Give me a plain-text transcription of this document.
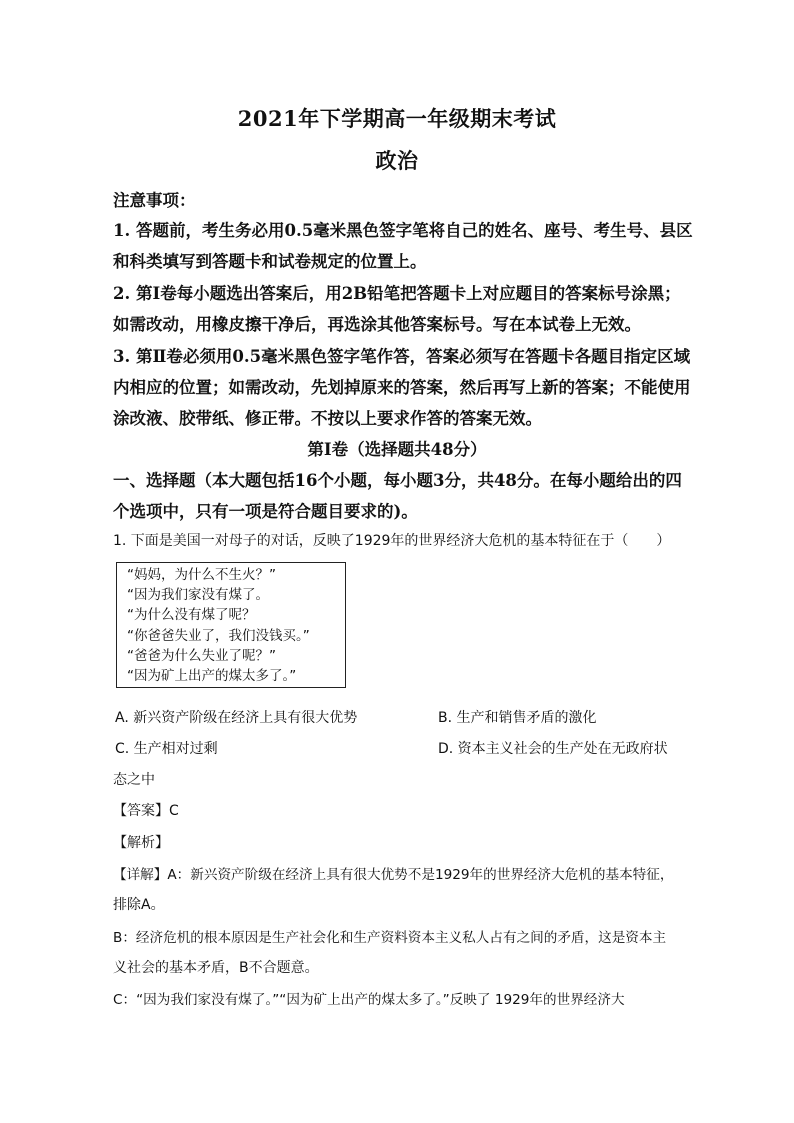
2021年下学期高一年级期末考试
政治
注意事项：
1. 答题前，考生务必用0.5毫米黑色签字笔将自己的姓名、座号、考生号、县区
和科类填写到答题卡和试卷规定的位置上。
2. 第Ⅰ卷每小题选出答案后，用2B铅笔把答题卡上对应题目的答案标号涂黑；
如需改动，用橡皮擦干净后，再选涂其他答案标号。写在本试卷上无效。
3. 第Ⅱ卷必须用0.5毫米黑色签字笔作答，答案必须写在答题卡各题目指定区域
内相应的位置；如需改动，先划掉原来的答案，然后再写上新的答案；不能使用
涂改液、胶带纸、修正带。不按以上要求作答的答案无效。
第Ⅰ卷（选择题共48分）
一、选择题（本大题包括16个小题，每小题3分，共48分。在每小题给出的四
个选项中，只有一项是符合题目要求的)。
1. 下面是美国一对母子的对话，反映了1929年的世界经济大危机的基本特征在于（　　）
“妈妈，为什么不生火？”
“因为我们家没有煤了。
“为什么没有煤了呢？
“你爸爸失业了，我们没钱买。”
“爸爸为什么失业了呢？”
“因为矿上出产的煤太多了。”
A. 新兴资产阶级在经济上具有很大优势	B. 生产和销售矛盾的激化
C. 生产相对过剩	D. 资本主义社会的生产处在无政府状
态之中
【答案】C
【解析】
【详解】A：新兴资产阶级在经济上具有很大优势不是1929年的世界经济大危机的基本特征，
排除A。
B：经济危机的根本原因是生产社会化和生产资料资本主义私人占有之间的矛盾，这是资本主
义社会的基本矛盾，B不合题意。
C：“因为我们家没有煤了。”“因为矿上出产的煤太多了。”反映了 1929年的世界经济大
